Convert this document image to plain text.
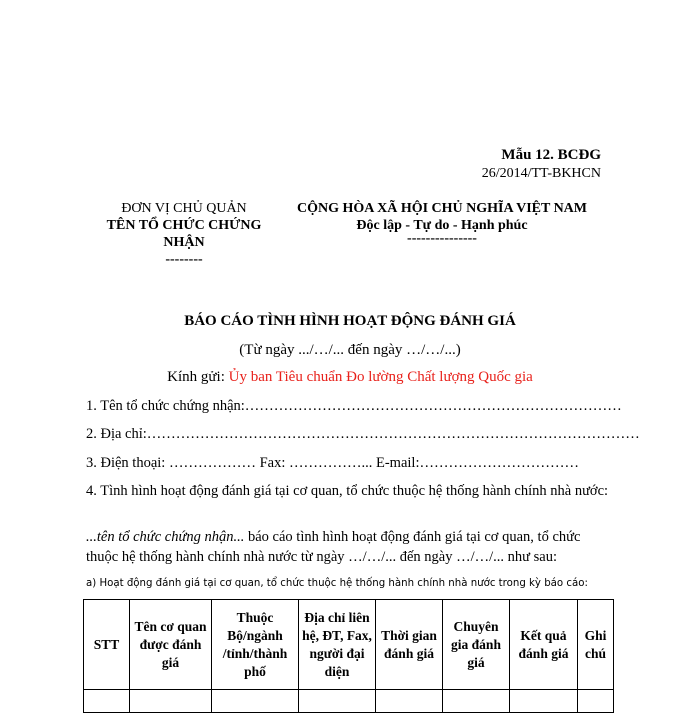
Mẫu 12. BCĐG
26/2014/TT-BKHCN
ĐƠN VỊ CHỦ QUẢN
TÊN TỔ CHỨC CHỨNG
NHẬN
--------
CỘNG HÒA XÃ HỘI CHỦ NGHĨA VIỆT NAM
Độc lập - Tự do - Hạnh phúc
---------------
BÁO CÁO TÌNH HÌNH HOẠT ĐỘNG ĐÁNH GIÁ
(Từ ngày .../…/... đến ngày …/…/...)
Kính gửi: Ủy ban Tiêu chuẩn Đo lường Chất lượng Quốc gia
1. Tên tổ chức chứng nhận:……………………………………………………………………
2. Địa chỉ:…………………………………………………………………………………………
3. Điện thoại: ……………… Fax: ……………... E-mail:……………………………
4. Tình hình hoạt động đánh giá tại cơ quan, tổ chức thuộc hệ thống hành chính nhà nước:
...tên tổ chức chứng nhận... báo cáo tình hình hoạt động đánh giá tại cơ quan, tổ chức thuộc hệ thống hành chính nhà nước từ ngày …/…/... đến ngày …/…/... như sau:
a) Hoạt động đánh giá tại cơ quan, tổ chức thuộc hệ thống hành chính nhà nước trong kỳ báo cáo:
STT	Tên cơ quan được đánh giá	Thuộc Bộ/ngành /tỉnh/thành phố	Địa chỉ liên hệ, ĐT, Fax, người đại diện	Thời gian đánh giá	Chuyên gia đánh giá	Kết quả đánh giá	Ghi chú
